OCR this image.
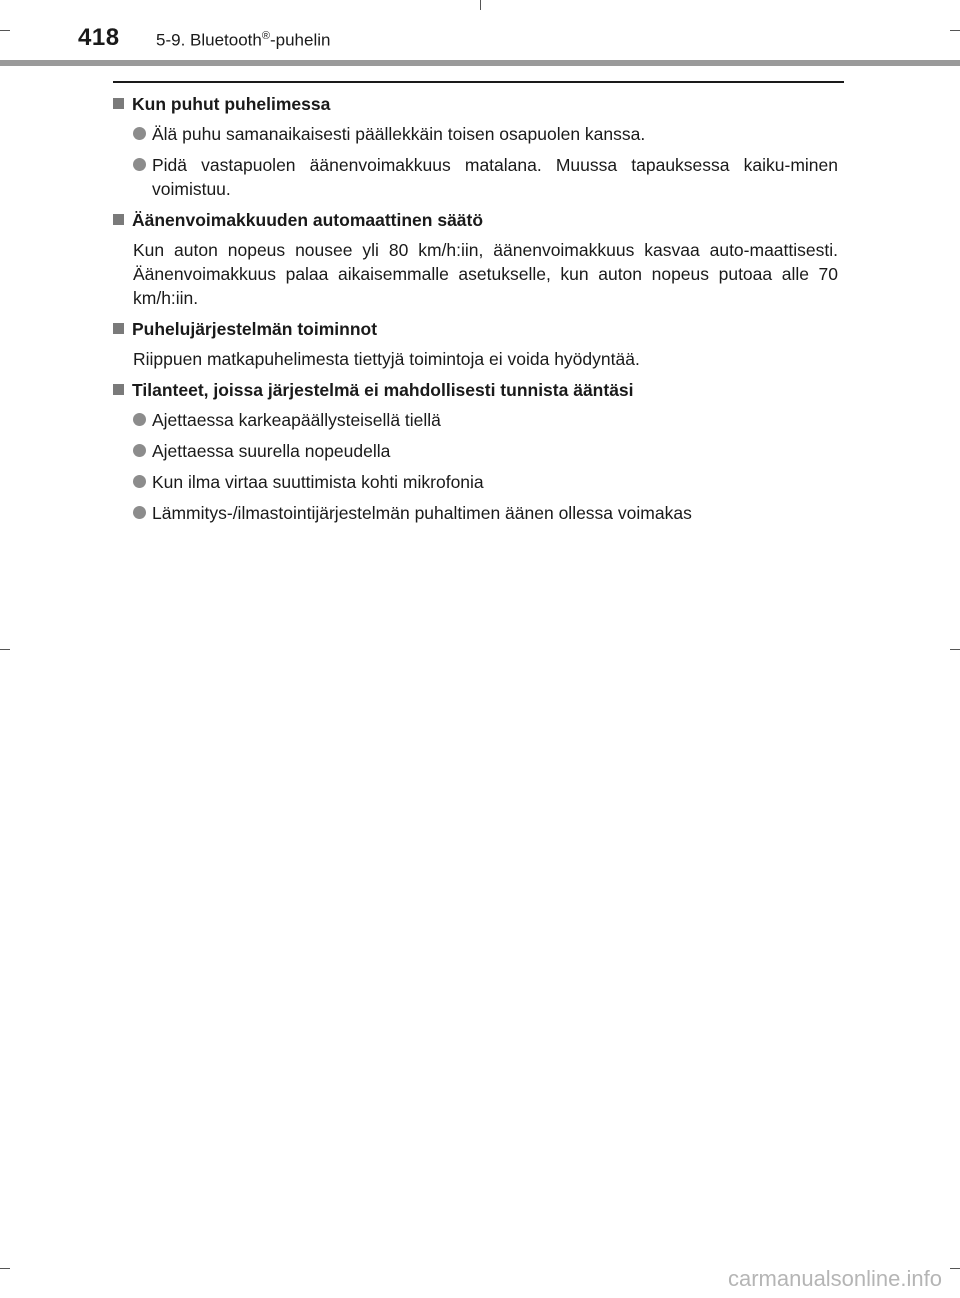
418 5-9. Bluetooth®-puhelin
Kun puhut puhelimessa
Älä puhu samanaikaisesti päällekkäin toisen osapuolen kanssa.
Pidä vastapuolen äänenvoimakkuus matalana. Muussa tapauksessa kaiku-minen voimistuu.
Äänenvoimakkuuden automaattinen säätö
Kun auton nopeus nousee yli 80 km/h:iin, äänenvoimakkuus kasvaa auto-maattisesti. Äänenvoimakkuus palaa aikaisemmalle asetukselle, kun auton nopeus putoaa alle 70 km/h:iin.
Puhelujärjestelmän toiminnot
Riippuen matkapuhelimesta tiettyjä toimintoja ei voida hyödyntää.
Tilanteet, joissa järjestelmä ei mahdollisesti tunnista ääntäsi
Ajettaessa karkeapäällysteisellä tiellä
Ajettaessa suurella nopeudella
Kun ilma virtaa suuttimista kohti mikrofonia
Lämmitys-/ilmastointijärjestelmän puhaltimen äänen ollessa voimakas
carmanualsonline.info
